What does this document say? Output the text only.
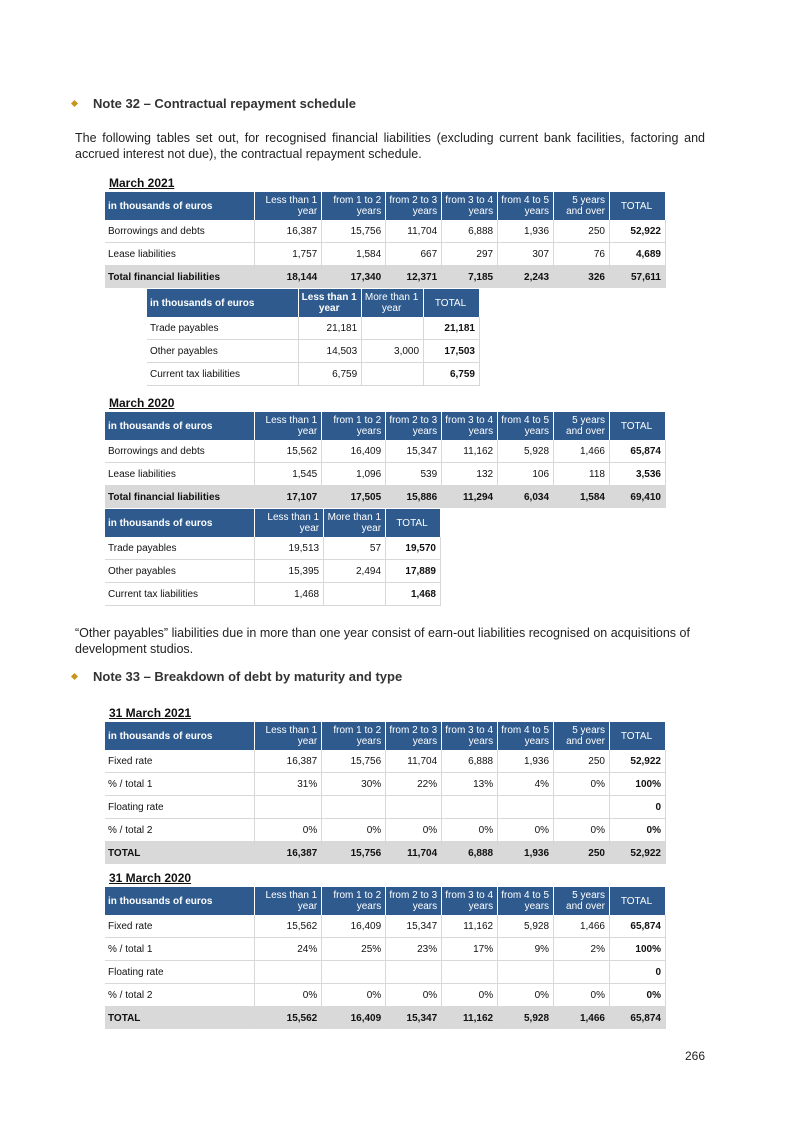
Note 32 – Contractual repayment schedule
The following tables set out, for recognised financial liabilities (excluding current bank facilities, factoring and accrued interest not due), the contractual repayment schedule.
March 2021
in thousands of euros	Less than 1 year	from 1 to 2 years	from 2 to 3 years	from 3 to 4 years	from 4 to 5 years	5 years and over	TOTAL
Borrowings and debts	16,387	15,756	11,704	6,888	1,936	250	52,922
Lease liabilities	1,757	1,584	667	297	307	76	4,689
Total financial liabilities	18,144	17,340	12,371	7,185	2,243	326	57,611
in thousands of euros	Less than 1 year	More than 1 year	TOTAL
Trade payables	21,181		21,181
Other payables	14,503	3,000	17,503
Current tax liabilities	6,759		6,759
March 2020
in thousands of euros	Less than 1 year	from 1 to 2 years	from 2 to 3 years	from 3 to 4 years	from 4 to 5 years	5 years and over	TOTAL
Borrowings and debts	15,562	16,409	15,347	11,162	5,928	1,466	65,874
Lease liabilities	1,545	1,096	539	132	106	118	3,536
Total financial liabilities	17,107	17,505	15,886	11,294	6,034	1,584	69,410
in thousands of euros	Less than 1 year	More than 1 year	TOTAL
Trade payables	19,513	57	19,570
Other payables	15,395	2,494	17,889
Current tax liabilities	1,468		1,468
“Other payables” liabilities due in more than one year consist of earn-out liabilities recognised on acquisitions of development studios.
Note 33 – Breakdown of debt by maturity and type
31 March 2021
in thousands of euros	Less than 1 year	from 1 to 2 years	from 2 to 3 years	from 3 to 4 years	from 4 to 5 years	5 years and over	TOTAL
Fixed rate	16,387	15,756	11,704	6,888	1,936	250	52,922
% / total 1	31%	30%	22%	13%	4%	0%	100%
Floating rate							0
% / total 2	0%	0%	0%	0%	0%	0%	0%
TOTAL	16,387	15,756	11,704	6,888	1,936	250	52,922
31 March 2020
in thousands of euros	Less than 1 year	from 1 to 2 years	from 2 to 3 years	from 3 to 4 years	from 4 to 5 years	5 years and over	TOTAL
Fixed rate	15,562	16,409	15,347	11,162	5,928	1,466	65,874
% / total 1	24%	25%	23%	17%	9%	2%	100%
Floating rate							0
% / total 2	0%	0%	0%	0%	0%	0%	0%
TOTAL	15,562	16,409	15,347	11,162	5,928	1,466	65,874
266
